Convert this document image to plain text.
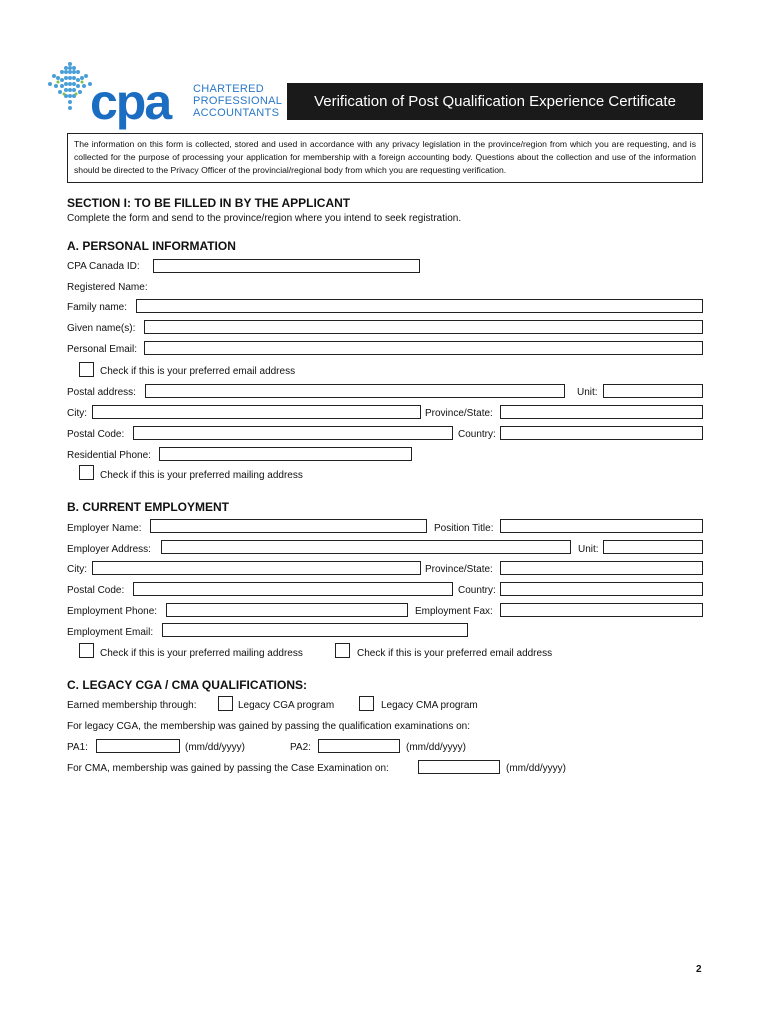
cpa CHARTERED
PROFESSIONAL
ACCOUNTANTS
Verification of Post Qualification Experience Certificate
The information on this form is collected, stored and used in accordance with any privacy legislation in the province/region from which you are requesting, and is collected for the purpose of processing your application for membership with a foreign accounting body. Questions about the collection and use of the information should be directed to the Privacy Officer of the provincial/regional body from which you are requesting verification.
SECTION I: TO BE FILLED IN BY THE APPLICANT
Complete the form and send to the province/region where you intend to seek registration.
A. PERSONAL INFORMATION
CPA Canada ID:
Registered Name:
Family name:
Given name(s):
Personal Email:
Check if this is your preferred email address
Postal address:	Unit:
City:	Province/State:
Postal Code:	Country:
Residential Phone:
Check if this is your preferred mailing address
B. CURRENT EMPLOYMENT
Employer Name:	Position Title:
Employer Address:	Unit:
City:	Province/State:
Postal Code:	Country:
Employment Phone:	Employment Fax:
Employment Email:
Check if this is your preferred mailing address	Check if this is your preferred email address
C. LEGACY CGA / CMA QUALIFICATIONS:
Earned membership through:	Legacy CGA program	Legacy CMA program
For legacy CGA, the membership was gained by passing the qualification examinations on:
PA1:	(mm/dd/yyyy)	PA2:	(mm/dd/yyyy)
For CMA, membership was gained by passing the Case Examination on:	(mm/dd/yyyy)
2
